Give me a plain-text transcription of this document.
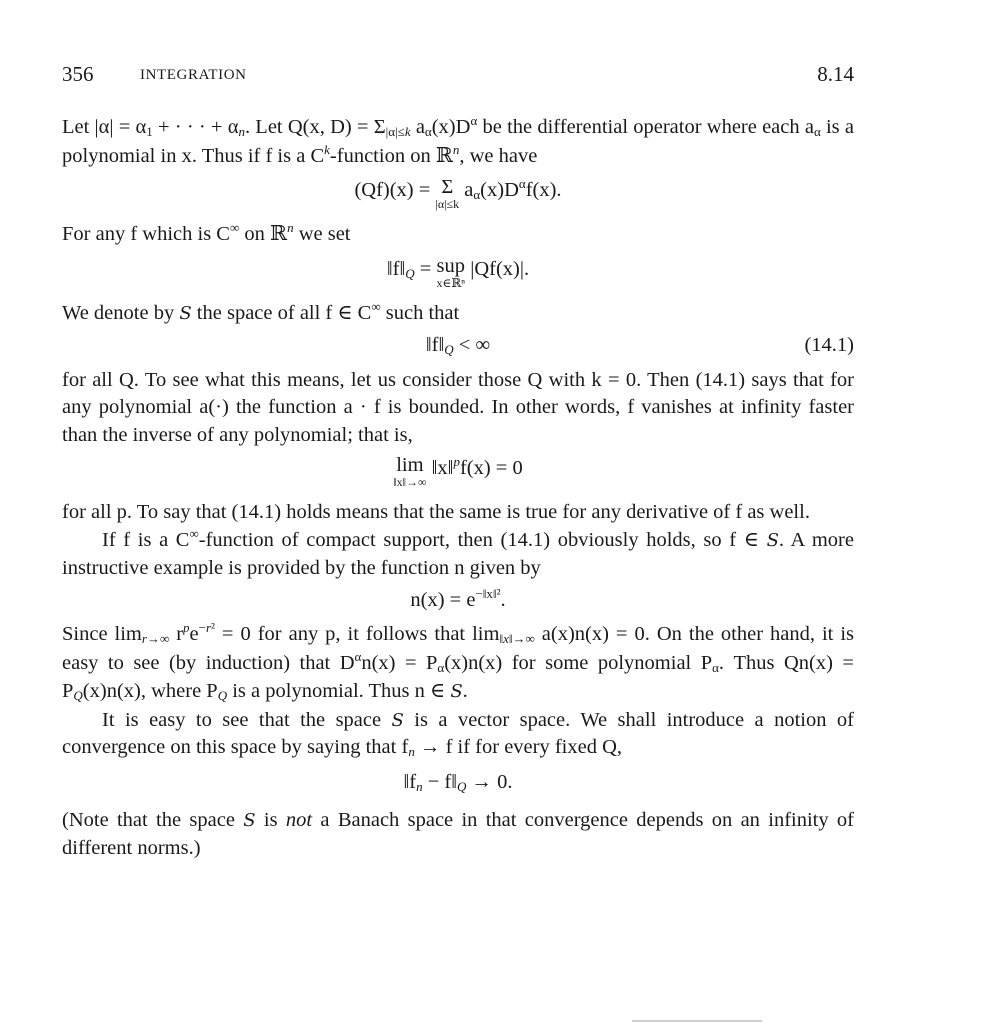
356	INTEGRATION	8.14

Let |α| = α1 + · · · + αn. Let Q(x, D) = Σ|α|≤k $a\alpha(x)D^\alpha$ be the differential operator where each aα is a polynomial in x. Thus if f is a $C^k$-function on ℝ$^n$, we have

(Qf)(x) = Σ
|α|≤k
$a\alpha(x)D^\alpha f(x)$.

For any f which is C∞ on ℝ$^n$ we set

‖f‖Q = sup
x∈ℝⁿ
|Qf(x)|.

We denote by S the space of all f ∈ C∞ such that

‖f‖Q < ∞	(14.1)

for all Q. To see what this means, let us consider those Q with k = 0. Then (14.1) says that for any polynomial a(·) the function a · f is bounded. In other words, f vanishes at infinity faster than the inverse of any polynomial; that is,

lim
‖x‖→∞
‖x‖$^p$f(x) = 0

for all p. To say that (14.1) holds means that the same is true for any derivative of f as well.

If f is a C∞-function of compact support, then (14.1) obviously holds, so f ∈ S. A more instructive example is provided by the function n given by

$n(x) = e^{-‖x‖^2}$.

Since limr→∞ $r^pe^{-r^2} = 0$ for any p, it follows that lim‖x‖→∞ a(x)n(x) = 0. On the other hand, it is easy to see (by induction) that $D^\alpha n(x) = P\alpha(x)n(x)$ for some polynomial Pα. Thus Qn(x) = PQ(x)n(x), where PQ is a polynomial. Thus n ∈ S.

It is easy to see that the space S is a vector space. We shall introduce a notion of convergence on this space by saying that fn → f if for every fixed Q,

‖fn − f‖Q → 0.

(Note that the space S is not a Banach space in that convergence depends on an infinity of different norms.)
